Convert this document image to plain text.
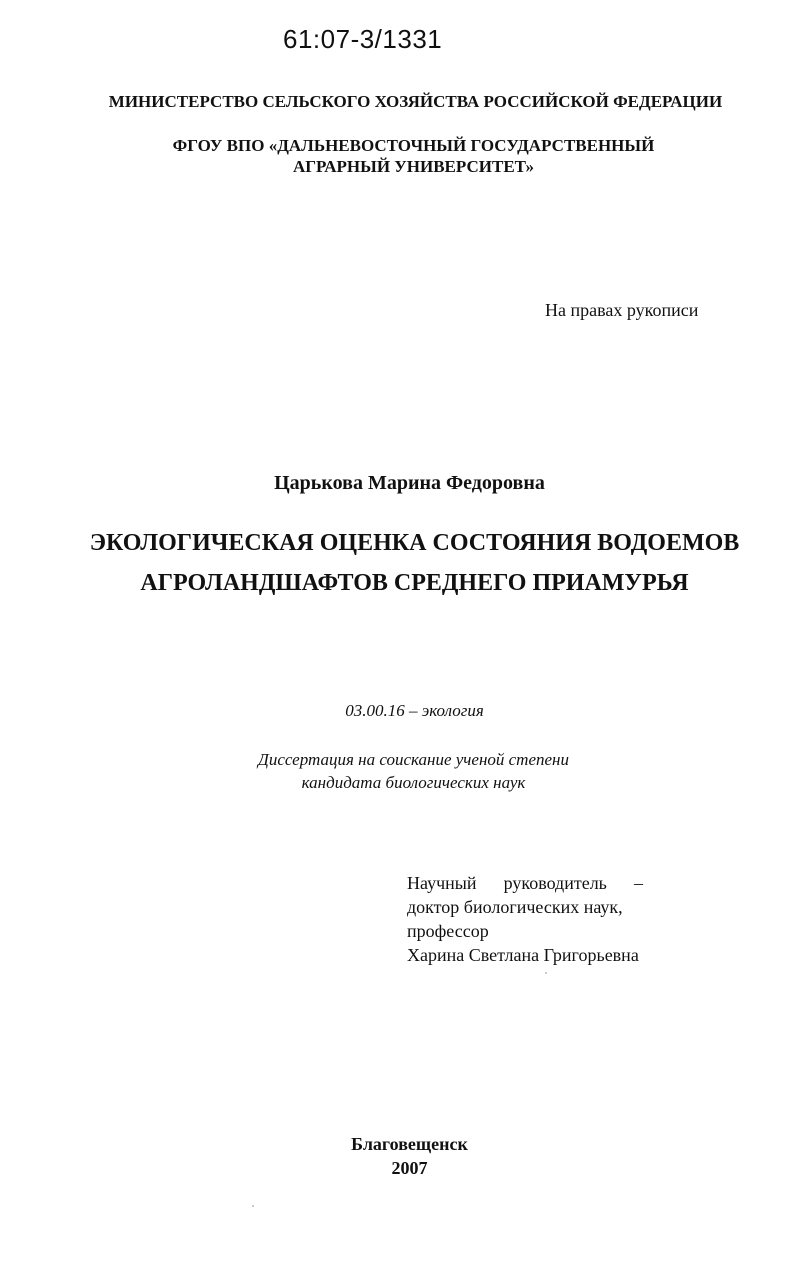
61:07-3/1331
МИНИСТЕРСТВО СЕЛЬСКОГО ХОЗЯЙСТВА РОССИЙСКОЙ ФЕДЕРАЦИИ
ФГОУ ВПО «ДАЛЬНЕВОСТОЧНЫЙ ГОСУДАРСТВЕННЫЙ
АГРАРНЫЙ УНИВЕРСИТЕТ»
На правах рукописи
Царькова Марина Федоровна
ЭКОЛОГИЧЕСКАЯ ОЦЕНКА СОСТОЯНИЯ ВОДОЕМОВ
АГРОЛАНДШАФТОВ СРЕДНЕГО ПРИАМУРЬЯ
03.00.16 – экология
Диссертация на соискание ученой степени
кандидата биологических наук
Научный руководитель –
доктор биологических наук,
профессор
Харина Светлана Григорьевна
Благовещенск
2007
